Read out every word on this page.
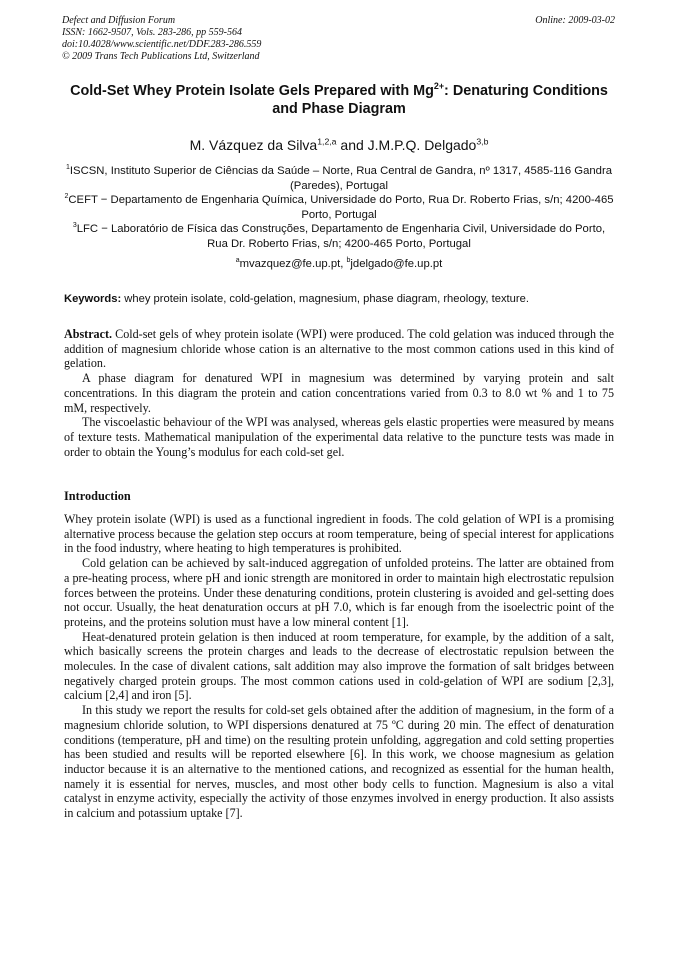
Defect and Diffusion Forum
ISSN: 1662-9507, Vols. 283-286, pp 559-564
doi:10.4028/www.scientific.net/DDF.283-286.559
© 2009 Trans Tech Publications Ltd, Switzerland
Online: 2009-03-02
Cold-Set Whey Protein Isolate Gels Prepared with $Mg^{2+}$: Denaturing Conditions and Phase Diagram
M. Vázquez da Silva$^{1,2,a}$ and J.M.P.Q. Delgado$^{3,b}$
$^1$ISCSN, Instituto Superior de Ciências da Saúde – Norte, Rua Central de Gandra, nº 1317, 4585-116 Gandra (Paredes), Portugal
$^2$CEFT − Departamento de Engenharia Química, Universidade do Porto, Rua Dr. Roberto Frias, s/n; 4200-465 Porto, Portugal
$^3$LFC − Laboratório de Física das Construções, Departamento de Engenharia Civil, Universidade do Porto, Rua Dr. Roberto Frias, s/n; 4200-465 Porto, Portugal
$^a$mvazquez@fe.up.pt, $^b$jdelgado@fe.up.pt
Keywords: whey protein isolate, cold-gelation, magnesium, phase diagram, rheology, texture.

Abstract. Cold-set gels of whey protein isolate (WPI) were produced. The cold gelation was induced through the addition of magnesium chloride whose cation is an alternative to the most common cations used in this kind of gelation.

A phase diagram for denatured WPI in magnesium was determined by varying protein and salt concentrations. In this diagram the protein and cation concentrations varied from 0.3 to 8.0 wt % and 1 to 75 mM, respectively.

The viscoelastic behaviour of the WPI was analysed, whereas gels elastic properties were measured by means of texture tests. Mathematical manipulation of the experimental data relative to the puncture tests was made in order to obtain the Young’s modulus for each cold-set gel.

Introduction

Whey protein isolate (WPI) is used as a functional ingredient in foods. The cold gelation of WPI is a promising alternative process because the gelation step occurs at room temperature, being of special interest for applications in the food industry, where heating to high temperatures is prohibited.

Cold gelation can be achieved by salt-induced aggregation of unfolded proteins. The latter are obtained from a pre-heating process, where pH and ionic strength are monitored in order to maintain high electrostatic repulsion forces between the proteins. Under these denaturing conditions, protein clustering is avoided and gel-setting does not occur. Usually, the heat denaturation occurs at pH 7.0, which is far enough from the isoelectric point of the proteins, and the proteins solution must have a low mineral content [1].

Heat-denatured protein gelation is then induced at room temperature, for example, by the addition of a salt, which basically screens the protein charges and leads to the decrease of electrostatic repulsion between the molecules. In the case of divalent cations, salt addition may also improve the formation of salt bridges between negatively charged protein groups. The most common cations used in cold-gelation of WPI are sodium [2,3], calcium [2,4] and iron [5].

In this study we report the results for cold-set gels obtained after the addition of magnesium, in the form of a magnesium chloride solution, to WPI dispersions denatured at 75 ºC during 20 min. The effect of denaturation conditions (temperature, pH and time) on the resulting protein unfolding, aggregation and cold setting properties has been studied and results will be reported elsewhere [6]. In this work, we choose magnesium as gelation inductor because it is an alternative to the mentioned cations, and recognized as essential for the human health, namely it is essential for nerves, muscles, and most other body cells to function. Magnesium is also a vital catalyst in enzyme activity, especially the activity of those enzymes involved in energy production. It also assists in calcium and potassium uptake [7].
